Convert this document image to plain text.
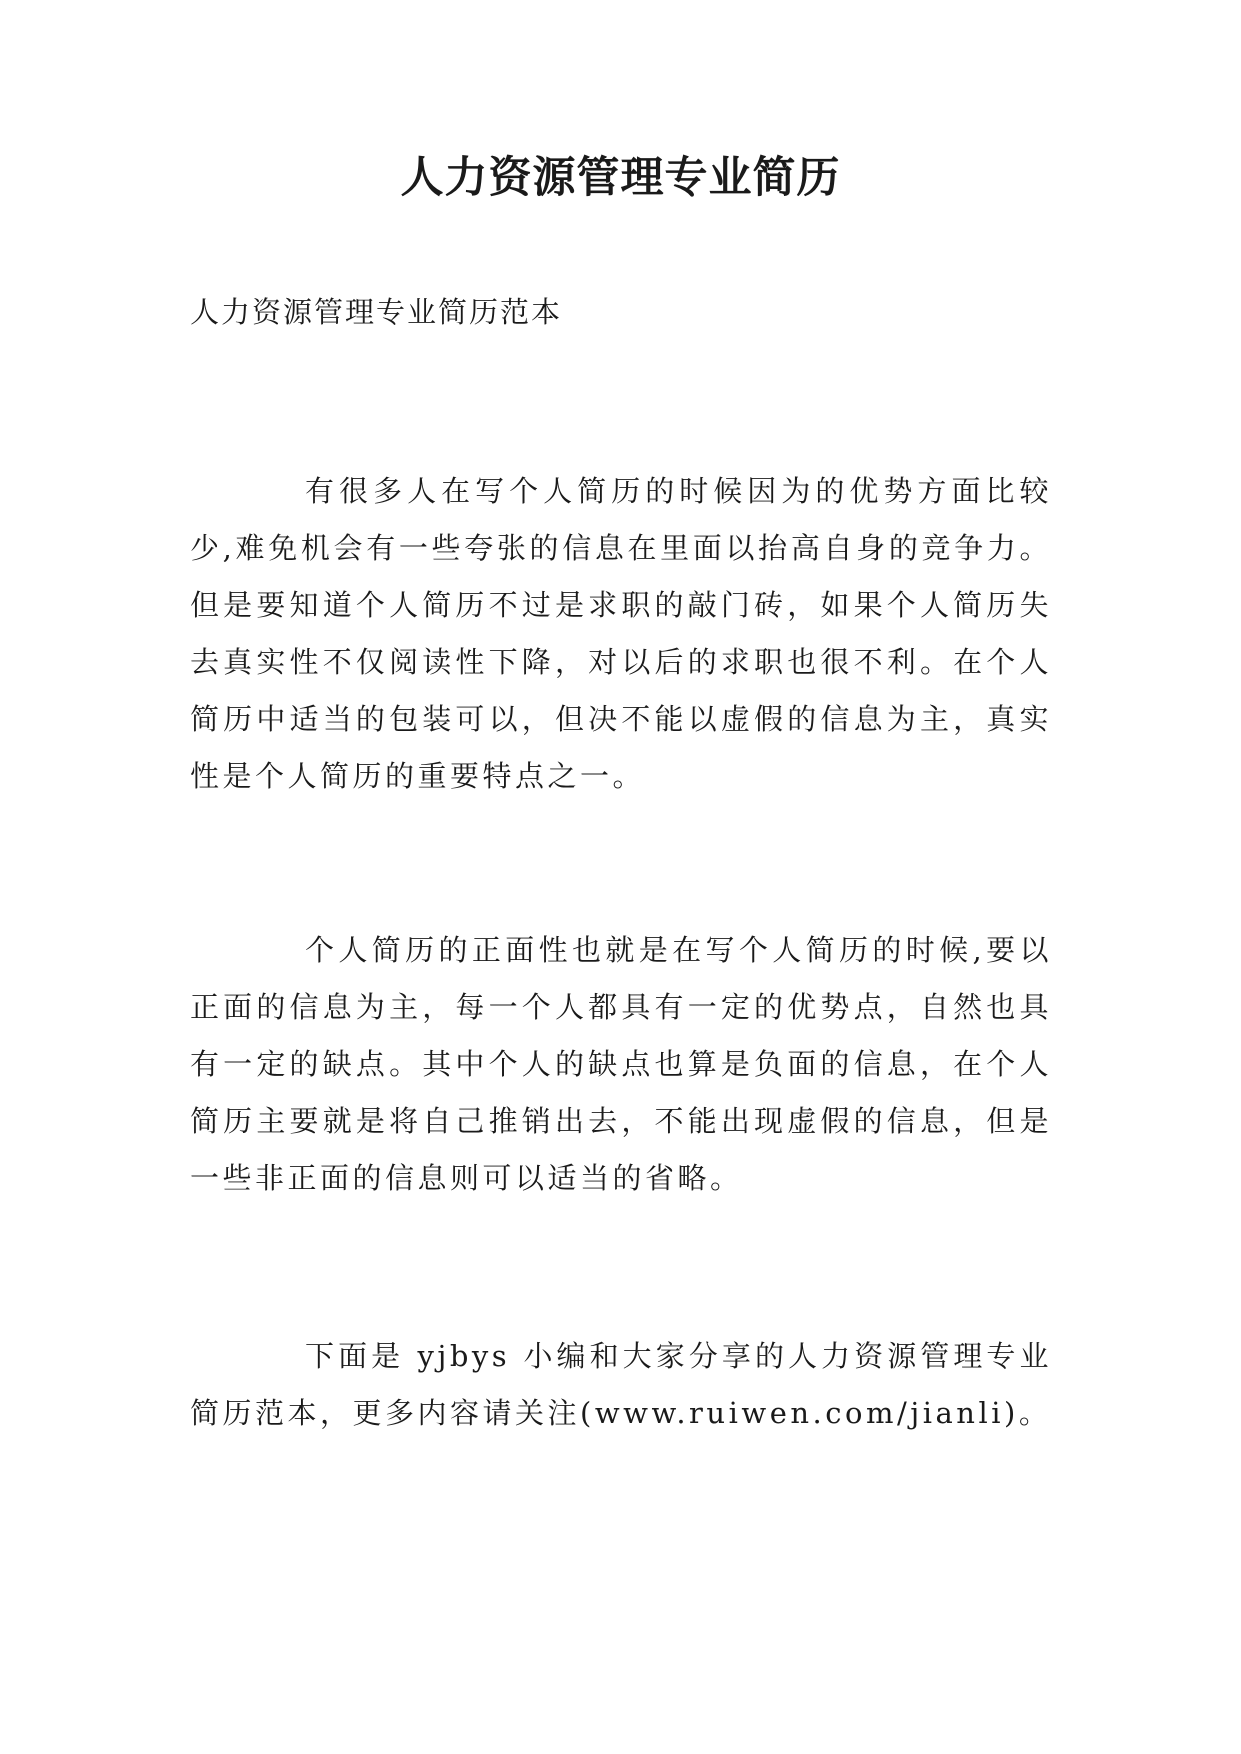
人力资源管理专业简历

人力资源管理专业简历范本

有很多人在写个人简历的时候因为的优势方面比较少,难免机会有一些夸张的信息在里面以抬高自身的竞争力。但是要知道个人简历不过是求职的敲门砖，如果个人简历失去真实性不仅阅读性下降，对以后的求职也很不利。在个人简历中适当的包装可以，但决不能以虚假的信息为主，真实性是个人简历的重要特点之一。

个人简历的正面性也就是在写个人简历的时候,要以正面的信息为主，每一个人都具有一定的优势点，自然也具有一定的缺点。其中个人的缺点也算是负面的信息，在个人简历主要就是将自己推销出去，不能出现虚假的信息，但是一些非正面的信息则可以适当的省略。

下面是 yjbys 小编和大家分享的人力资源管理专业简历范本，更多内容请关注(www.ruiwen.com/jianli)。
